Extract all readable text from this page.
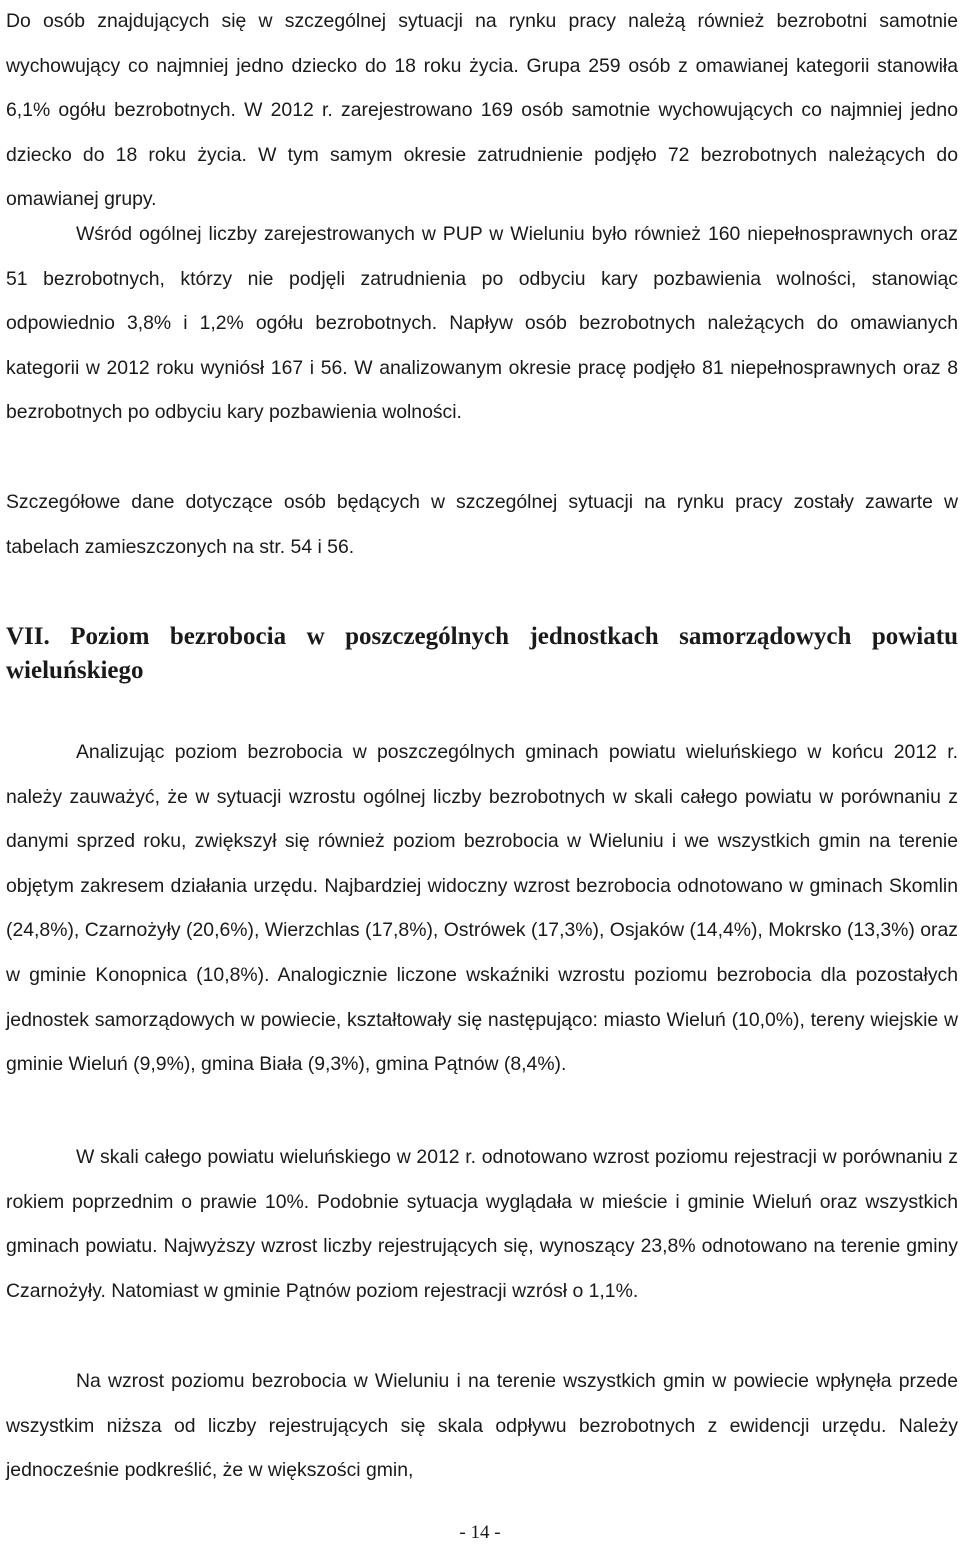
Do osób znajdujących się w szczególnej sytuacji na rynku pracy należą również bezrobotni samotnie wychowujący co najmniej jedno dziecko do 18 roku życia. Grupa 259 osób z omawianej kategorii stanowiła 6,1% ogółu bezrobotnych. W 2012 r. zarejestrowano 169 osób samotnie wychowujących co najmniej jedno dziecko do 18 roku życia. W tym samym okresie zatrudnienie podjęło 72 bezrobotnych należących do omawianej grupy.

Wśród ogólnej liczby zarejestrowanych w PUP w Wieluniu było również 160 niepełnosprawnych oraz 51 bezrobotnych, którzy nie podjęli zatrudnienia po odbyciu kary pozbawienia wolności, stanowiąc odpowiednio 3,8% i 1,2% ogółu bezrobotnych. Napływ osób bezrobotnych należących do omawianych kategorii w 2012 roku wyniósł 167 i 56. W analizowanym okresie pracę podjęło 81 niepełnosprawnych oraz 8 bezrobotnych po odbyciu kary pozbawienia wolności.

Szczegółowe dane dotyczące osób będących w szczególnej sytuacji na rynku pracy zostały zawarte w tabelach zamieszczonych na str. 54 i 56.

VII. Poziom bezrobocia w poszczególnych jednostkach samorządowych powiatu wieluńskiego

Analizując poziom bezrobocia w poszczególnych gminach powiatu wieluńskiego w końcu 2012 r. należy zauważyć, że w sytuacji wzrostu ogólnej liczby bezrobotnych w skali całego powiatu w porównaniu z danymi sprzed roku, zwiększył się również poziom bezrobocia w Wieluniu i we wszystkich gmin na terenie objętym zakresem działania urzędu. Najbardziej widoczny wzrost bezrobocia odnotowano w gminach Skomlin (24,8%), Czarnożyły (20,6%), Wierzchlas (17,8%), Ostrówek (17,3%), Osjaków (14,4%), Mokrsko (13,3%) oraz w gminie Konopnica (10,8%). Analogicznie liczone wskaźniki wzrostu poziomu bezrobocia dla pozostałych jednostek samorządowych w powiecie, kształtowały się następująco: miasto Wieluń (10,0%), tereny wiejskie w gminie Wieluń (9,9%), gmina Biała (9,3%), gmina Pątnów (8,4%).

W skali całego powiatu wieluńskiego w 2012 r. odnotowano wzrost poziomu rejestracji w porównaniu z rokiem poprzednim o prawie 10%. Podobnie sytuacja wyglądała w mieście i gminie Wieluń oraz wszystkich gminach powiatu. Najwyższy wzrost liczby rejestrujących się, wynoszący 23,8% odnotowano na terenie gminy Czarnożyły. Natomiast w gminie Pątnów poziom rejestracji wzrósł o 1,1%.

Na wzrost poziomu bezrobocia w Wieluniu i na terenie wszystkich gmin w powiecie wpłynęła przede wszystkim niższa od liczby rejestrujących się skala odpływu bezrobotnych z ewidencji urzędu. Należy jednocześnie podkreślić, że w większości gmin,

- 14 -
